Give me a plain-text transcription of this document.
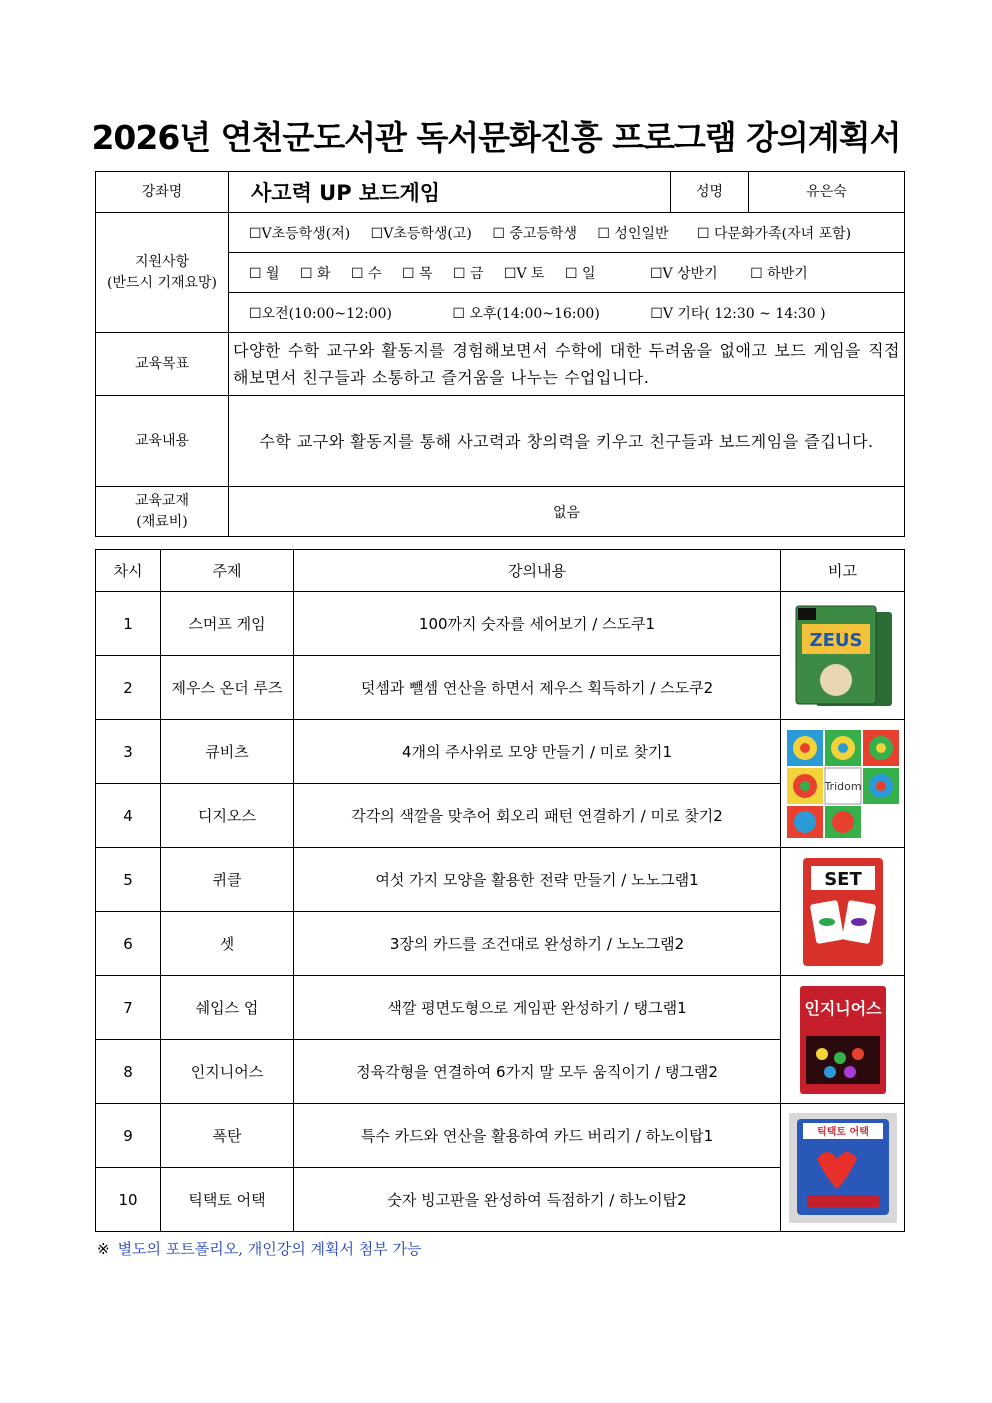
2026년 연천군도서관 독서문화진흥 프로그램 강의계획서
강좌명	사고력 UP 보드게임	성명	유은숙

지원사항
(반드시 기재요망)	☐V초등학생(저) ☐V초등학생(고) ☐ 중고등학생 ☐ 성인일반 ☐ 다문화가족(자녀 포함)		
	☐ 월 ☐ 화 ☐ 수 ☐ 목 ☐ 금 ☐V 토 ☐ 일 ☐V 상반기 ☐ 하반기		
	☐오전(10:00~12:00) ☐ 오후(14:00~16:00) ☐V 기타( 12:30 ~ 14:30 )		
교육목표	다양한 수학 교구와 활동지를 경험해보면서 수학에 대한 두려움을 없애고 보드 게임을 직접 해보면서 친구들과 소통하고 즐거움을 나누는 수업입니다.		
교육내용	수학 교구와 활동지를 통해 사고력과 창의력을 키우고 친구들과 보드게임을 즐깁니다.		

교육교재
(재료비)	없음		
차시	주제	강의내용	비고
1	스머프 게임	100까지 숫자를 세어보기 / 스도쿠1	ZEUS

2	제우스 온더 루즈	덧셈과 뺄셈 연산을 하면서 제우스 획득하기 / 스도쿠2	
3	큐비츠	4개의 주사위로 모양 만들기 / 미로 찾기1	Tridom

4	디지오스	각각의 색깔을 맞추어 회오리 패턴 연결하기 / 미로 찾기2	
5	퀴클	여섯 가지 모양을 활용한 전략 만들기 / 노노그램1	SET

6	셋	3장의 카드를 조건대로 완성하기 / 노노그램2	
7	쉐입스 업	색깔 평면도형으로 게임판 완성하기 / 탱그램1	인지니어스

8	인지니어스	정육각형을 연결하여 6가지 말 모두 움직이기 / 탱그램2	
9	폭탄	특수 카드와 연산을 활용하여 카드 버리기 / 하노이탑1	틱택토 어택

10	틱택토 어택	숫자 빙고판을 완성하여 득점하기 / 하노이탑2	
※ 별도의 포트폴리오, 개인강의 계획서 첨부 가능
